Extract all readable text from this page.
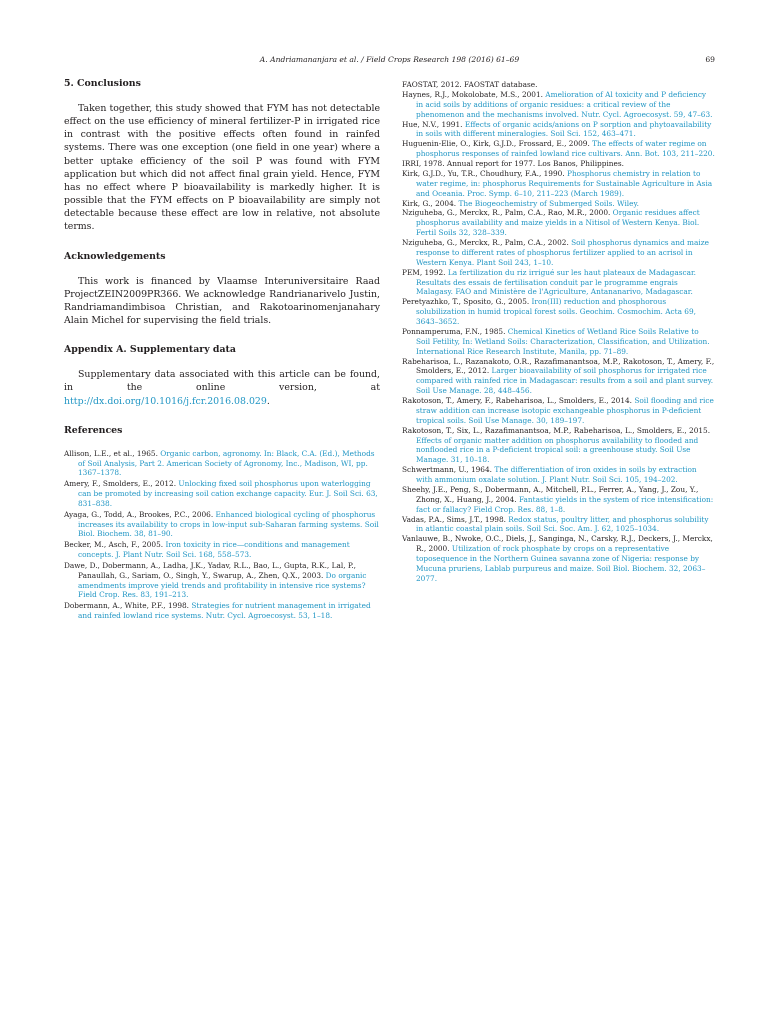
A. Andriamananjara et al. / Field Crops Research 198 (2016) 61–69	69
5. Conclusions

Taken together, this study showed that FYM has not detectable effect on the use efficiency of mineral fertilizer-P in irrigated rice in contrast with the positive effects often found in rainfed systems. There was one exception (one field in one year) where a better uptake efficiency of the soil P was found with FYM application but which did not affect final grain yield. Hence, FYM has no effect where P bioavailability is markedly higher. It is possible that the FYM effects on P bioavailability are simply not detectable because these effect are low in relative, not absolute terms.

Acknowledgements

This work is financed by Vlaamse Interuniversitaire Raad ProjectZEIN2009PR366. We acknowledge Randrianarivelo Justin, Randriamandimbisoa Christian, and Rakotoarinomenjanahary Alain Michel for supervising the field trials.

Appendix A. Supplementary data

Supplementary data associated with this article can be found, in the online version, at http://dx.doi.org/10.1016/j.fcr.2016.08.029.

References
Allison, L.E., et al., 1965. Organic carbon, agronomy. In: Black, C.A. (Ed.), Methods of Soil Analysis, Part 2. American Society of Agronomy, Inc., Madison, WI, pp. 1367–1378.
Amery, F., Smolders, E., 2012. Unlocking fixed soil phosphorus upon waterlogging can be promoted by increasing soil cation exchange capacity. Eur. J. Soil Sci. 63, 831–838.
Ayaga, G., Todd, A., Brookes, P.C., 2006. Enhanced biological cycling of phosphorus increases its availability to crops in low-input sub-Saharan farming systems. Soil Biol. Biochem. 38, 81–90.
Becker, M., Asch, F., 2005. Iron toxicity in rice—conditions and management concepts. J. Plant Nutr. Soil Sci. 168, 558–573.
Dawe, D., Dobermann, A., Ladha, J.K., Yadav, R.L., Bao, L., Gupta, R.K., Lal, P., Panaullah, G., Sariam, O., Singh, Y., Swarup, A., Zhen, Q.X., 2003. Do organic amendments improve yield trends and profitability in intensive rice systems? Field Crop. Res. 83, 191–213.
Dobermann, A., White, P.F., 1998. Strategies for nutrient management in irrigated and rainfed lowland rice systems. Nutr. Cycl. Agroecosyst. 53, 1–18.
FAOSTAT, 2012. FAOSTAT database.
Haynes, R.J., Mokolobate, M.S., 2001. Amelioration of Al toxicity and P deficiency in acid soils by additions of organic residues: a critical review of the phenomenon and the mechanisms involved. Nutr. Cycl. Agroecosyst. 59, 47–63.
Hue, N.V., 1991. Effects of organic acids/anions on P sorption and phytoavailability in soils with different mineralogies. Soil Sci. 152, 463–471.
Huguenin-Elie, O., Kirk, G.J.D., Frossard, E., 2009. The effects of water regime on phosphorus responses of rainfed lowland rice cultivars. Ann. Bot. 103, 211–220.
IRRI, 1978. Annual report for 1977. Los Banos, Philippines.
Kirk, G.J.D., Yu, T.R., Choudhury, F.A., 1990. Phosphorus chemistry in relation to water regime, in: phosphorus Requirements for Sustainable Agriculture in Asia and Oceania. Proc. Symp. 6–10, 211–223 (March 1989).
Kirk, G., 2004. The Biogeochemistry of Submerged Soils. Wiley.
Nziguheba, G., Merckx, R., Palm, C.A., Rao, M.R., 2000. Organic residues affect phosphorus availability and maize yields in a Nitisol of Western Kenya. Biol. Fertil Soils 32, 328–339.
Nziguheba, G., Merckx, R., Palm, C.A., 2002. Soil phosphorus dynamics and maize response to different rates of phosphorus fertilizer applied to an acrisol in Western Kenya. Plant Soil 243, 1–10.
PEM, 1992. La fertilization du riz irrigué sur les haut plateaux de Madagascar. Resultats des essais de fertilisation conduit par le programme engrais Malagasy. FAO and Ministère de l'Agriculture, Antananarivo, Madagascar.
Peretyazhko, T., Sposito, G., 2005. Iron(III) reduction and phosphorous solubilization in humid tropical forest soils. Geochim. Cosmochim. Acta 69, 3643–3652.
Ponnamperuma, F.N., 1985. Chemical Kinetics of Wetland Rice Soils Relative to Soil Fetility, In: Wetland Soils: Characterization, Classification, and Utilization. International Rice Research Institute, Manila, pp. 71–89.
Rabeharisoa, L., Razanakoto, O.R., Razafimanantsoa, M.P., Rakotoson, T., Amery, F., Smolders, E., 2012. Larger bioavailability of soil phosphorus for irrigated rice compared with rainfed rice in Madagascar: results from a soil and plant survey. Soil Use Manage. 28, 448–456.
Rakotoson, T., Amery, F., Rabeharisoa, L., Smolders, E., 2014. Soil flooding and rice straw addition can increase isotopic exchangeable phosphorus in P-deficient tropical soils. Soil Use Manage. 30, 189–197.
Rakotoson, T., Six, L., Razafimanantsoa, M.P., Rabeharisoa, L., Smolders, E., 2015. Effects of organic matter addition on phosphorus availability to flooded and nonflooded rice in a P-deficient tropical soil: a greenhouse study. Soil Use Manage. 31, 10–18.
Schwertmann, U., 1964. The differentiation of iron oxides in soils by extraction with ammonium oxalate solution. J. Plant Nutr. Soil Sci. 105, 194–202.
Sheehy, J.E., Peng, S., Dobermann, A., Mitchell, P.L., Ferrer, A., Yang, J., Zou, Y., Zhong, X., Huang, J., 2004. Fantastic yields in the system of rice intensification: fact or fallacy? Field Crop. Res. 88, 1–8.
Vadas, P.A., Sims, J.T., 1998. Redox status, poultry litter, and phosphorus solubility in atlantic coastal plain soils. Soil Sci. Soc. Am. J. 62, 1025–1034.
Vanlauwe, B., Nwoke, O.C., Diels, J., Sanginga, N., Carsky, R.J., Deckers, J., Merckx, R., 2000. Utilization of rock phosphate by crops on a representative toposequence in the Northern Guinea savanna zone of Nigeria: response by Mucuna pruriens, Lablab purpureus and maize. Soil Biol. Biochem. 32, 2063–2077.
